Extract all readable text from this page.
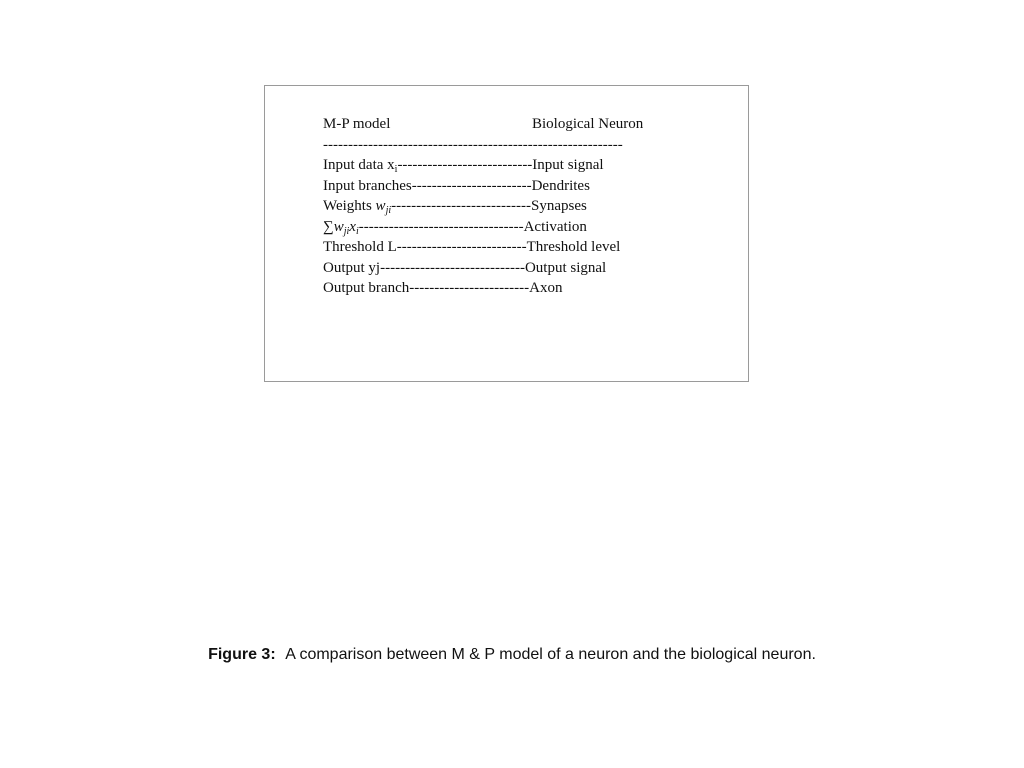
M-P model	Biological Neuron
------------------------------------------------------------
Input data $x_i--------------------------$-Input signal
Input branches------------------------Dendrites
Weights $w_{ji}---------------------------$-Synapses
$\sum w_{ji}x_i--------------------------------$-Activation
Threshold L--------------------------Threshold level
Output yj-----------------------------Output signal
Output branch------------------------Axon
Figure 3: A comparison between M & P model of a neuron and the biological neuron.
